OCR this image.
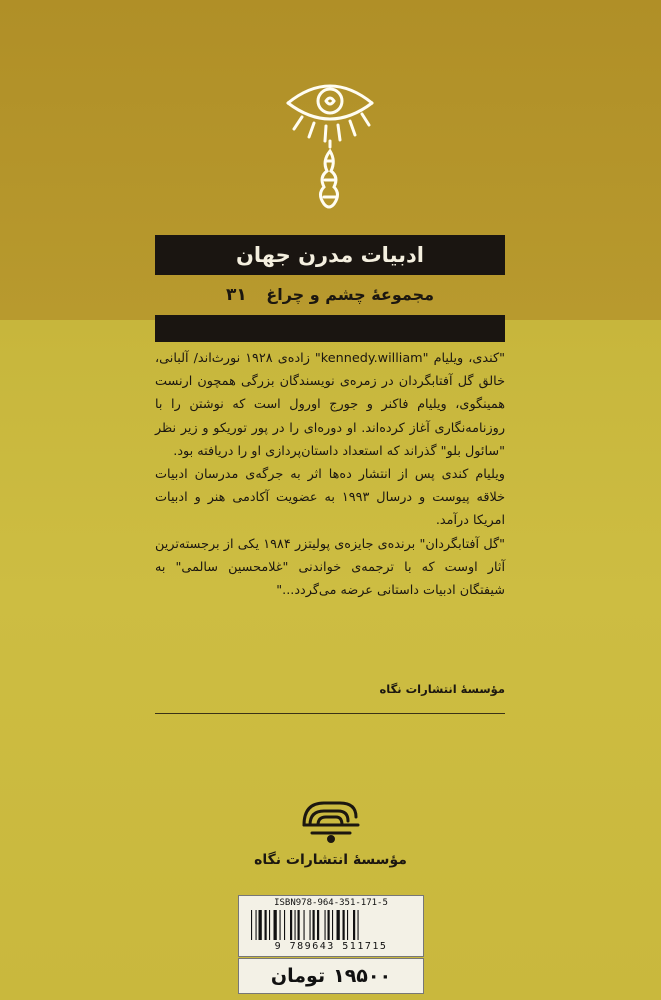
ادبیات مدرن جهان
مجموعهٔ چشم و چراغ ۳۱

"کندی، ویلیام "kennedy.william" زاده‌ی ۱۹۲۸ نورث‌اند/ آلبانی، خالق گل آفتابگردان در زمره‌ی نویسندگان بزرگی همچون ارنست همینگوی، ویلیام فاکنر و جورج اورول است که نوشتن را با روزنامه‌نگاری آغاز کرده‌اند. او دوره‌ای را در پور توریکو و زیر نظر "سائول بلو" گذراند که استعداد داستان‌پردازی او را دریافته بود.

ویلیام کندی پس از انتشار ده‌ها اثر به جرگه‌ی مدرسان ادبیات خلاقه پیوست و درسال ۱۹۹۳ به عضویت آکادمی هنر و ادبیات امریکا درآمد.

"گل آفتابگردان" برنده‌ی جایزه‌ی پولیتزر ۱۹۸۴ یکی از برجسته‌ترین آثار اوست که با ترجمه‌ی خواندنی "غلامحسین سالمی" به شیفتگان ادبیات داستانی عرضه می‌گردد..."

مؤسسهٔ انتشارات نگاه
مؤسسهٔ انتشارات نگاه
ISBN978-964-351-171-5
9 789643 511715
۱۹۵۰۰
تومان
